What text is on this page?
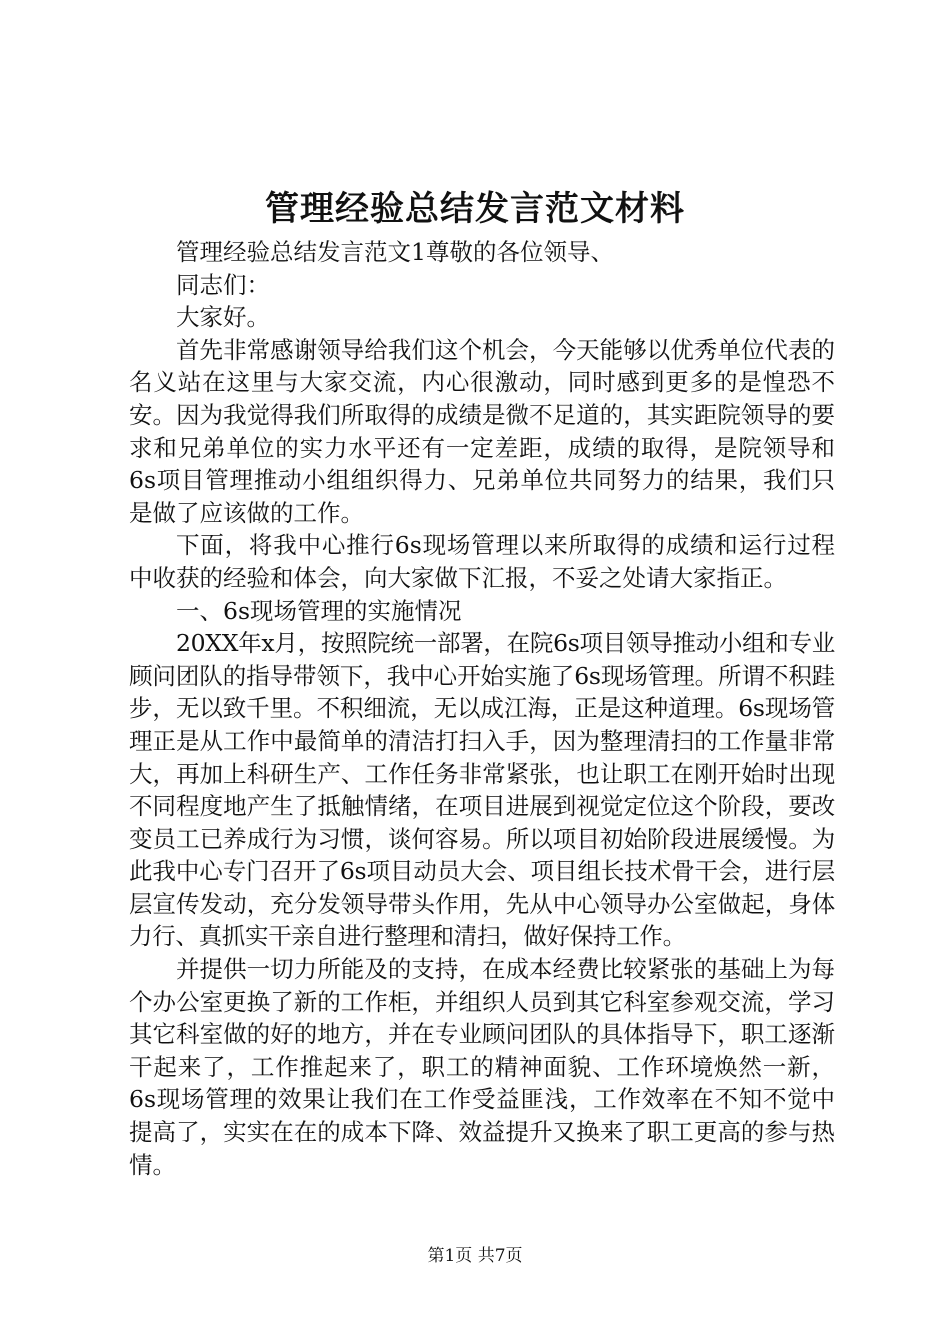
管理经验总结发言范文材料

管理经验总结发言范文1尊敬的各位领导、

同志们：

大家好。

首先非常感谢领导给我们这个机会，今天能够以优秀单位代表的名义站在这里与大家交流，内心很激动，同时感到更多的是惶恐不安。因为我觉得我们所取得的成绩是微不足道的，其实距院领导的要求和兄弟单位的实力水平还有一定差距，成绩的取得，是院领导和6s项目管理推动小组组织得力、兄弟单位共同努力的结果，我们只是做了应该做的工作。

下面，将我中心推行6s现场管理以来所取得的成绩和运行过程中收获的经验和体会，向大家做下汇报，不妥之处请大家指正。

一、6s现场管理的实施情况

20XX年x月，按照院统一部署，在院6s项目领导推动小组和专业顾问团队的指导带领下，我中心开始实施了6s现场管理。所谓不积跬步，无以致千里。不积细流，无以成江海，正是这种道理。6s现场管理正是从工作中最简单的清洁打扫入手，因为整理清扫的工作量非常大，再加上科研生产、工作任务非常紧张，也让职工在刚开始时出现不同程度地产生了抵触情绪，在项目进展到视觉定位这个阶段，要改变员工已养成行为习惯，谈何容易。所以项目初始阶段进展缓慢。为此我中心专门召开了6s项目动员大会、项目组长技术骨干会，进行层层宣传发动，充分发领导带头作用，先从中心领导办公室做起，身体力行、真抓实干亲自进行整理和清扫，做好保持工作。

并提供一切力所能及的支持，在成本经费比较紧张的基础上为每个办公室更换了新的工作柜，并组织人员到其它科室参观交流，学习其它科室做的好的地方，并在专业顾问团队的具体指导下，职工逐渐干起来了，工作推起来了，职工的精神面貌、工作环境焕然一新，6s现场管理的效果让我们在工作受益匪浅，工作效率在不知不觉中提高了，实实在在的成本下降、效益提升又换来了职工更高的参与热情。

第1页 共7页
